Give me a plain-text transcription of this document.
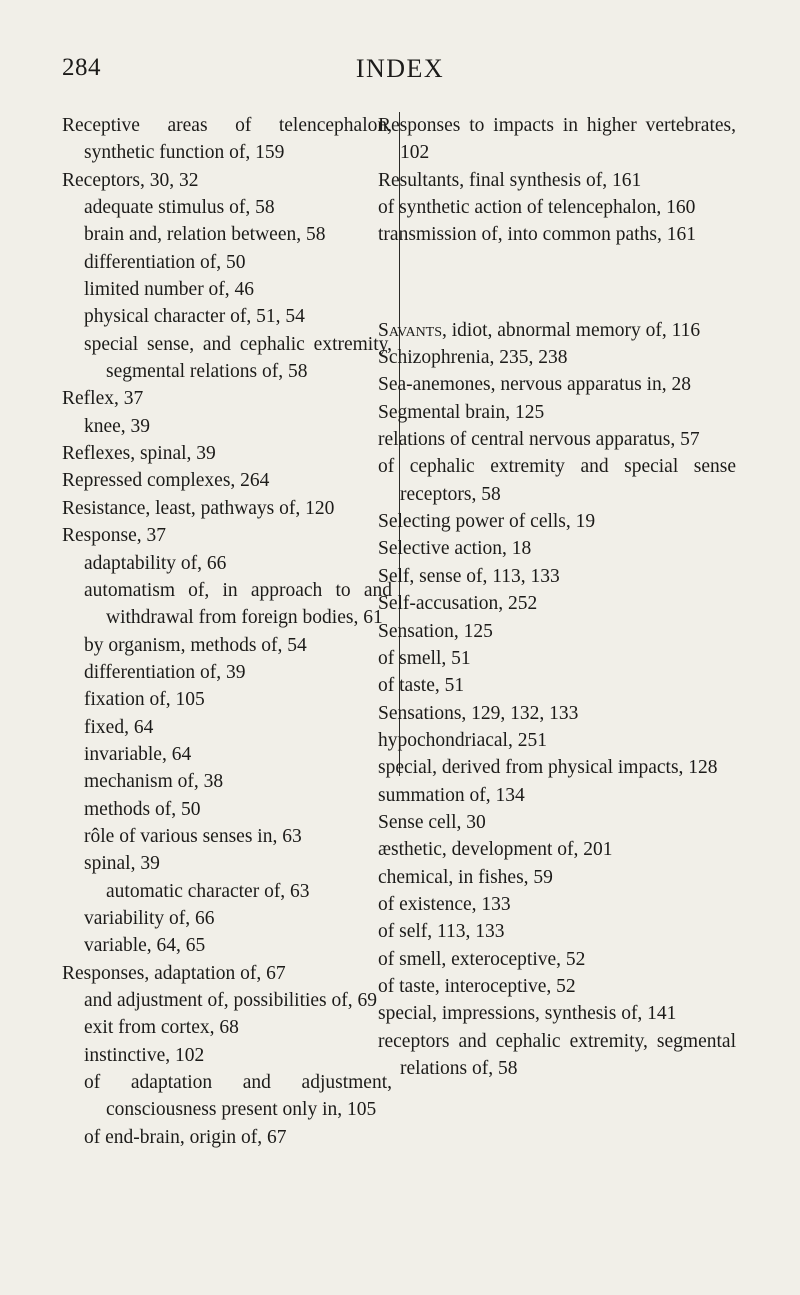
284	INDEX
Receptive areas of telencephalon, synthetic function of, 159
Receptors, 30, 32
adequate stimulus of, 58
brain and, relation between, 58
differentiation of, 50
limited number of, 46
physical character of, 51, 54
special sense, and cephalic extremity, segmental relations of, 58
Reflex, 37
knee, 39
Reflexes, spinal, 39
Repressed complexes, 264
Resistance, least, pathways of, 120
Response, 37
adaptability of, 66
automatism of, in approach to and withdrawal from foreign bodies, 61
by organism, methods of, 54
differentiation of, 39
fixation of, 105
fixed, 64
invariable, 64
mechanism of, 38
methods of, 50
rôle of various senses in, 63
spinal, 39
automatic character of, 63
variability of, 66
variable, 64, 65
Responses, adaptation of, 67
and adjustment of, possibilities of, 69
exit from cortex, 68
instinctive, 102
of adaptation and adjustment, consciousness present only in, 105
of end-brain, origin of, 67
Responses to impacts in higher vertebrates, 102
Resultants, final synthesis of, 161
of synthetic action of telencephalon, 160
transmission of, into common paths, 161
Savants, idiot, abnormal memory of, 116
Schizophrenia, 235, 238
Sea-anemones, nervous apparatus in, 28
Segmental brain, 125
relations of central nervous apparatus, 57
of cephalic extremity and special sense receptors, 58
Selecting power of cells, 19
Selective action, 18
Self, sense of, 113, 133
Self-accusation, 252
Sensation, 125
of smell, 51
of taste, 51
Sensations, 129, 132, 133
hypochondriacal, 251
special, derived from physical impacts, 128
summation of, 134
Sense cell, 30
æsthetic, development of, 201
chemical, in fishes, 59
of existence, 133
of self, 113, 133
of smell, exteroceptive, 52
of taste, interoceptive, 52
special, impressions, synthesis of, 141
receptors and cephalic extremity, segmental relations of, 58
